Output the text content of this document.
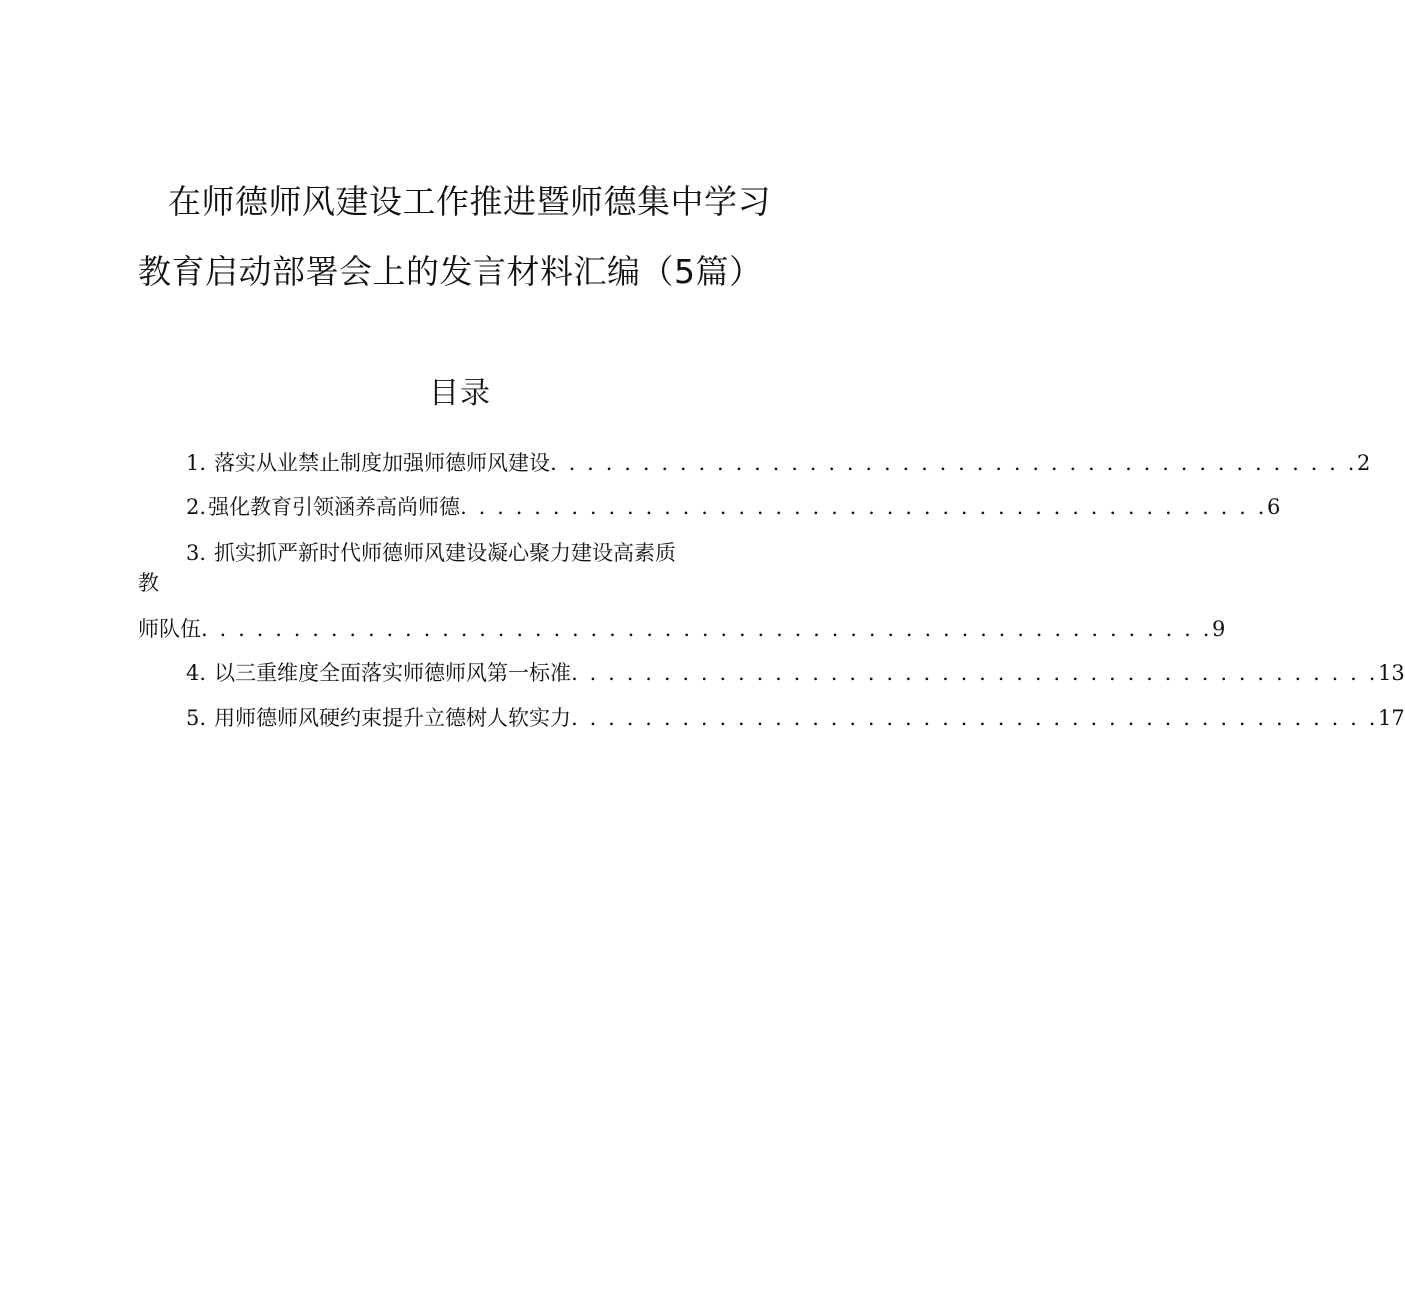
在师德师风建设工作推进暨师德集中学习
教育启动部署会上的发言材料汇编（5篇）
目录
1 . 落实从业禁止制度加强师德师风建设 . . . . . . . . . . . . . . . . . . . . . . . . . . . . . . . . . . . . . . . . . . . . 2
2 . 强化教育引领涵养高尚师德 . . . . . . . . . . . . . . . . . . . . . . . . . . . . . . . . . . . . . . . . . . . . 6
3 . 抓实抓严新时代师德师风建设凝心聚力建设高素质
教
师队伍 . . . . . . . . . . . . . . . . . . . . . . . . . . . . . . . . . . . . . . . . . . . . . . . . . . . . . . . 9
4 . 以三重维度全面落实师德师风第一标准 . . . . . . . . . . . . . . . . . . . . . . . . . . . . . . . . . . . . . . . . . . . . 13
5 . 用师德师风硬约束提升立德树人软实力 . . . . . . . . . . . . . . . . . . . . . . . . . . . . . . . . . . . . . . . . . . . . 17
